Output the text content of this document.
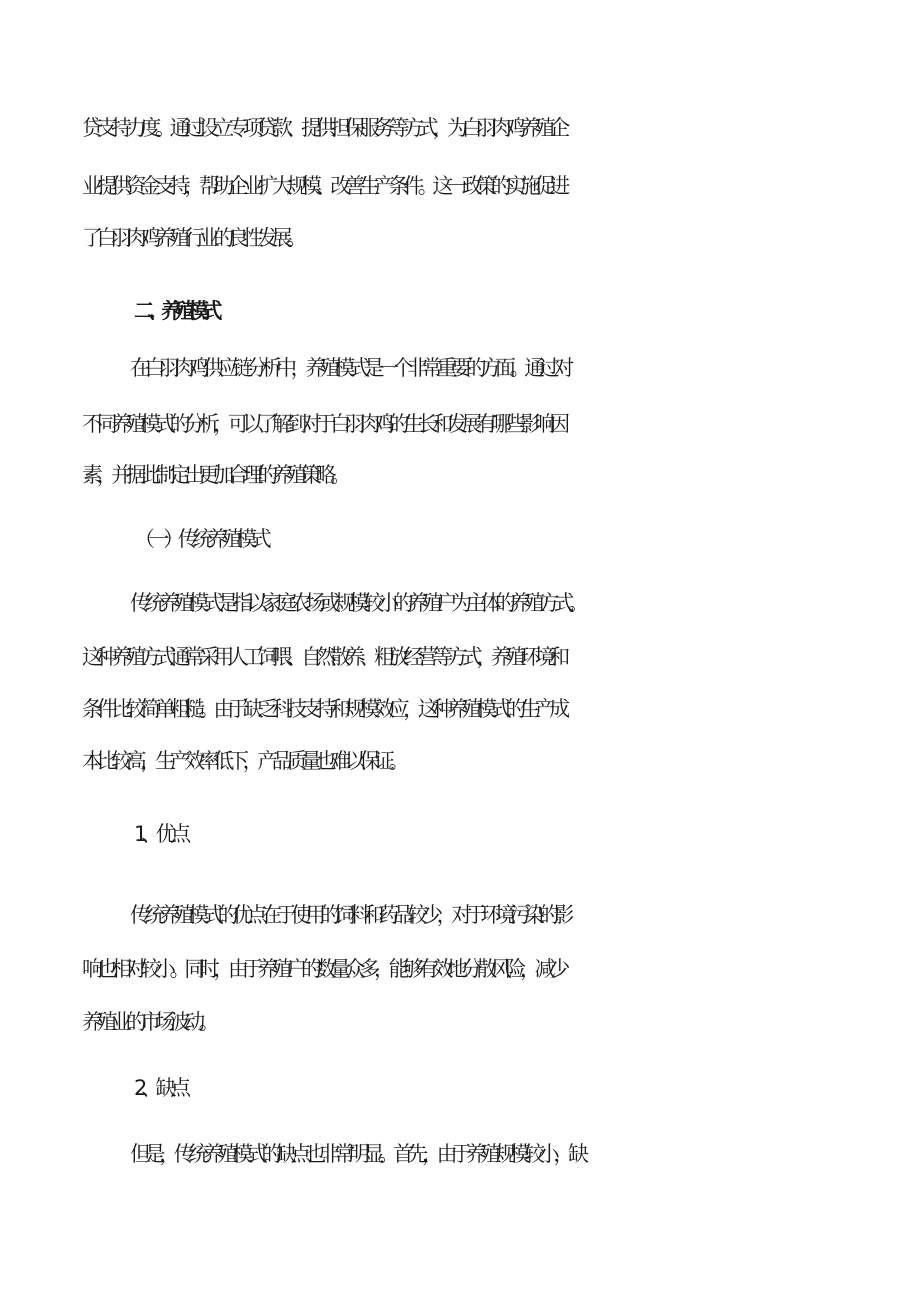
贷支持力度。通过设立专项贷款、提供担保服务等方式，为白羽肉鸡养殖企
业提供资金支持，帮助企业扩大规模、改善生产条件。这一政策的实施促进
了白羽肉鸡养殖行业的良性发展。
二、养殖模式
在白羽肉鸡供应链分析中，养殖模式是一个非常重要的方面。通过对
不同养殖模式的分析，可以了解到对于白羽肉鸡的生长和发展有哪些影响因
素，并据此制定出更加合理的养殖策略。
（一）传统养殖模式
传统养殖模式是指以家庭农场或规模较小的养殖户为主体的养殖方式。
这种养殖方式通常采用人工饲喂、自然散养、粗放经营等方式，养殖环境和
条件比较简单粗糙。由于缺乏科技支持和规模效应，这种养殖模式的生产成
本比较高，生产效率低下，产品质量也难以保证。
1、优点
传统养殖模式的优点在于使用的饲料和药品较少，对于环境污染的影
响也相对较小。同时，由于养殖户的数量众多，能够有效地分散风险，减少
养殖业的市场波动。
2、缺点
但是，传统养殖模式的缺点也非常明显。首先，由于养殖规模较小，缺
